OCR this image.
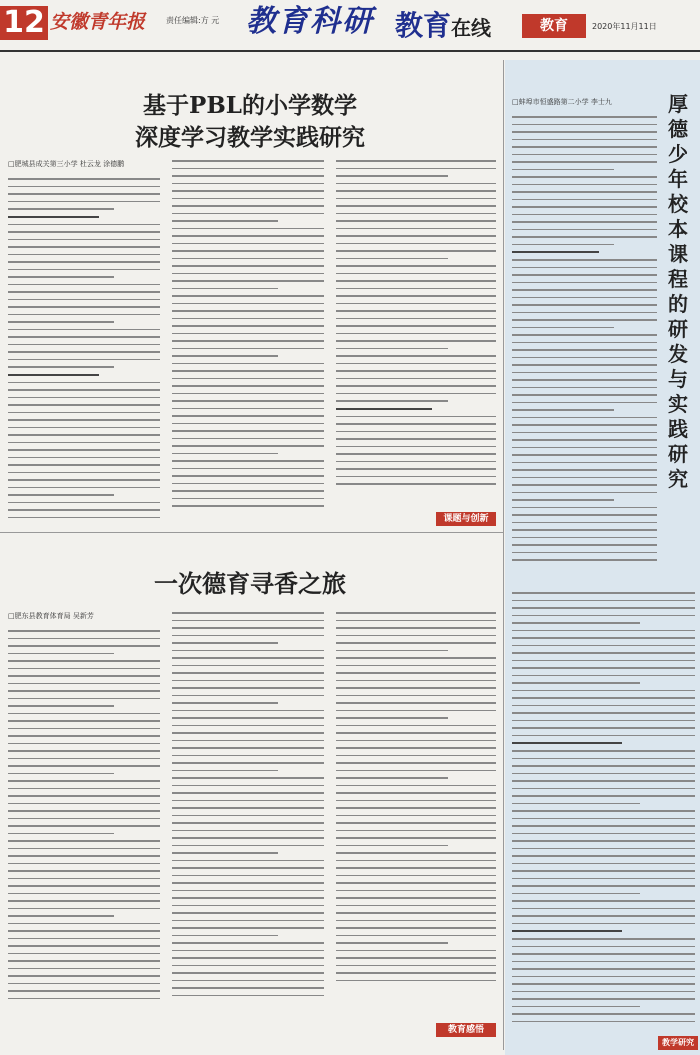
12 安徽青年报	责任编辑:方 元 教育科研 教育在线	教育	2020年11月11日
基于PBL的小学数学
深度学习教学实践研究
□肥城县成关第三小学 杜云龙 涂德鹏
课题与创新
一次德育寻香之旅
□肥东县教育体育局 吴新芳
教育感悟
□蚌埠市恒盛路第二小学 李士九	厚德少年校本课程的研发与实践研究
教学研究
